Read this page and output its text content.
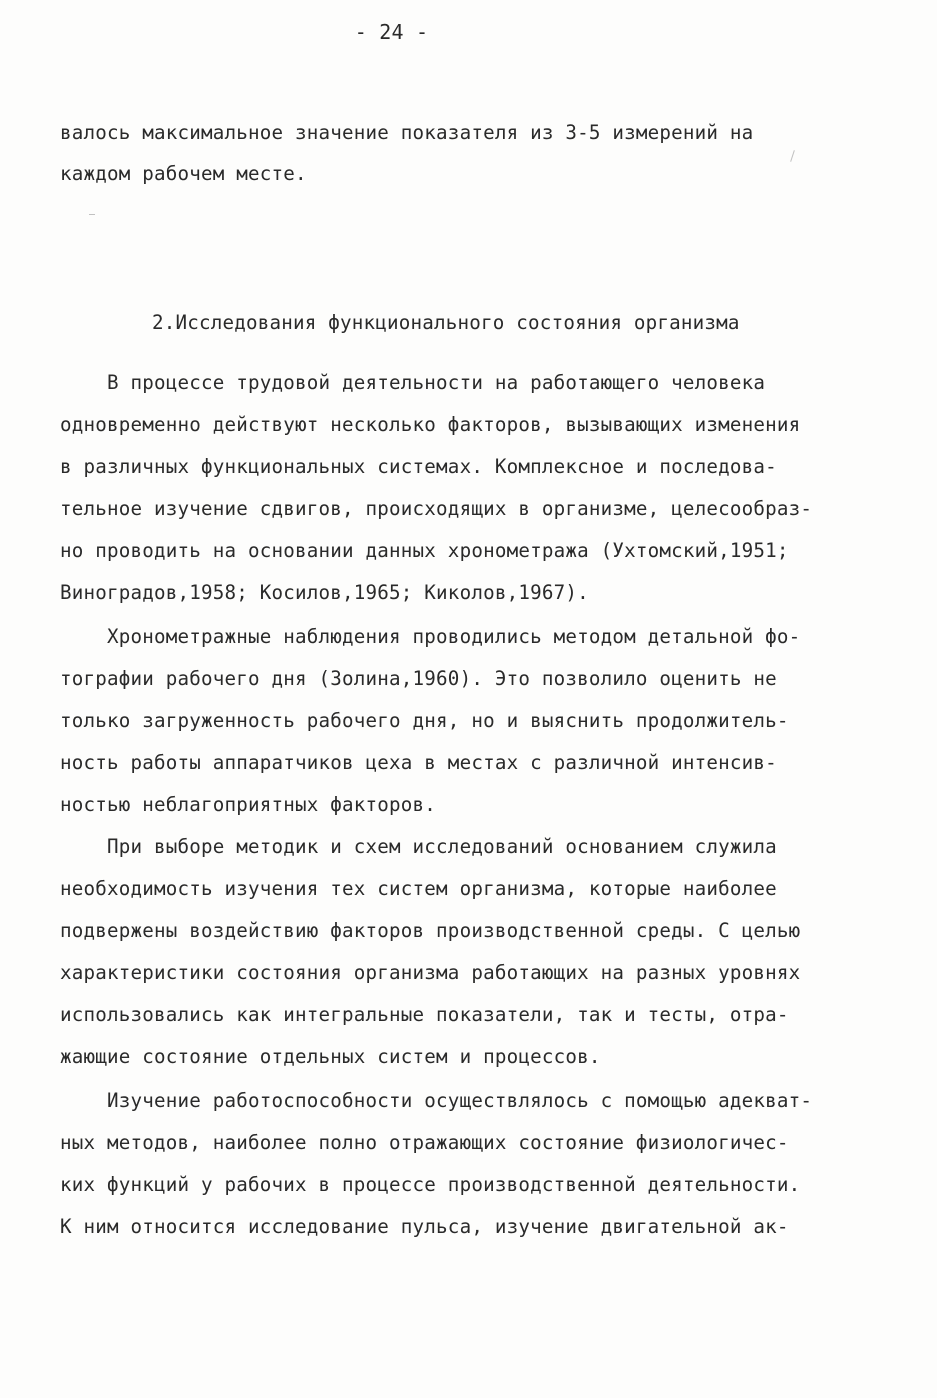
- 24 -
валось максимальное значение показателя из 3-5 измерений на
каждом рабочем месте.
2.Исследования функционального состояния организма
В процессе трудовой деятельности на работающего человека
одновременно действуют несколько факторов, вызывающих изменения
в различных функциональных системах. Комплексное и последова-
тельное изучение сдвигов, происходящих в организме, целесообраз-
но проводить на основании данных хронометража (Ухтомский,1951;
Виноградов,1958; Косилов,1965; Киколов,1967).
Хронометражные наблюдения проводились методом детальной фо-
тографии рабочего дня (Золина,1960). Это позволило оценить не
только загруженность рабочего дня, но и выяснить продолжитель-
ность работы аппаратчиков цеха в местах с различной интенсив-
ностью неблагоприятных факторов.
При выборе методик и схем исследований основанием служила
необходимость изучения тех систем организма, которые наиболее
подвержены воздействию факторов производственной среды. С целью
характеристики состояния организма работающих на разных уровнях
использовались как интегральные показатели, так и тесты, отра-
жающие состояние отдельных систем и процессов.
Изучение работоспособности осуществлялось с помощью адекват-
ных методов, наиболее полно отражающих состояние физиологичес-
ких функций у рабочих в процессе производственной деятельности.
К ним относится исследование пульса, изучение двигательной ак-
